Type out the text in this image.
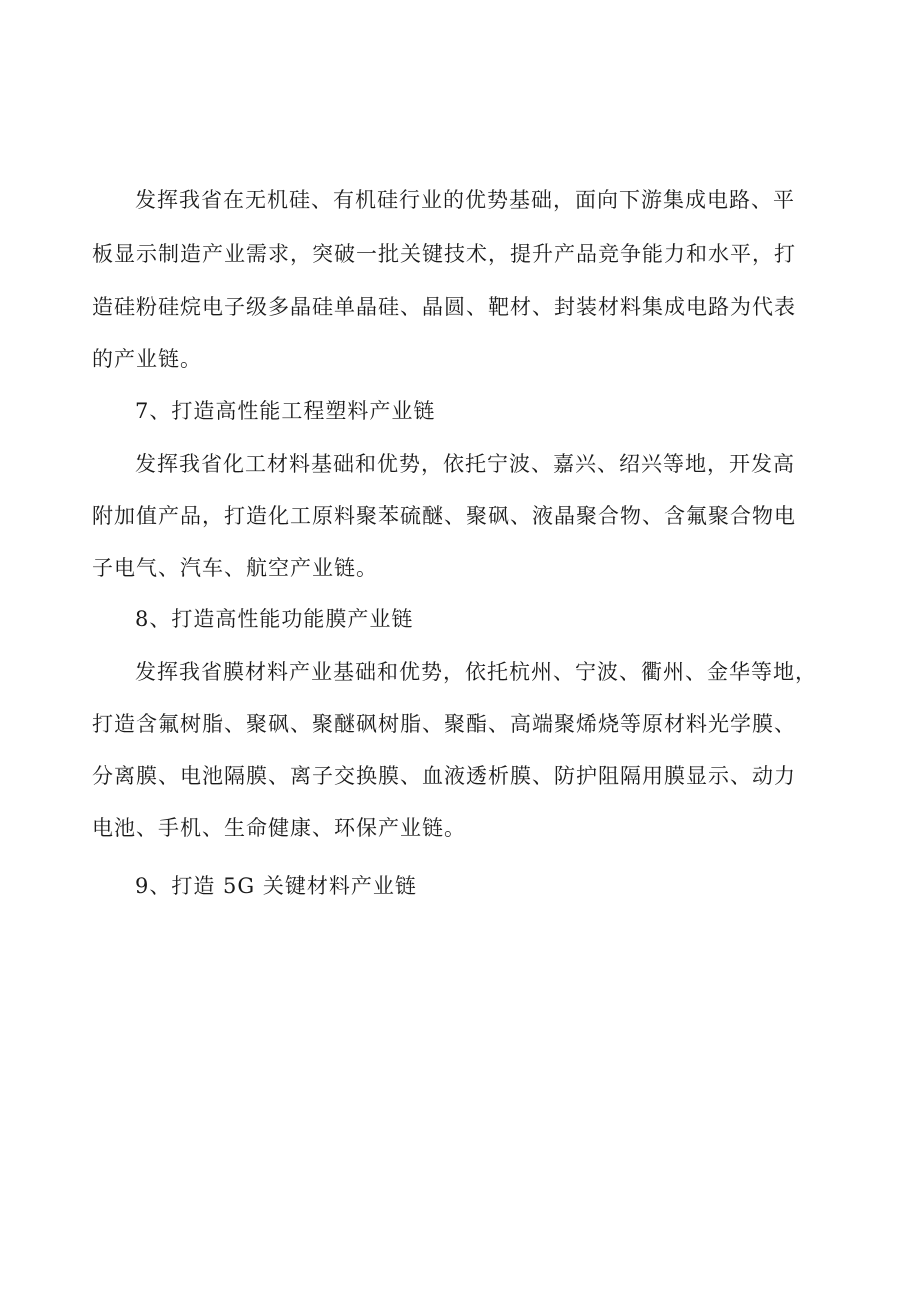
发挥我省在无机硅、有机硅行业的优势基础，面向下游集成电路、平
板显示制造产业需求，突破一批关键技术，提升产品竞争能力和水平，打
造硅粉硅烷电子级多晶硅单晶硅、晶圆、靶材、封装材料集成电路为代表
的产业链。
7、打造高性能工程塑料产业链
发挥我省化工材料基础和优势，依托宁波、嘉兴、绍兴等地，开发高
附加值产品，打造化工原料聚苯硫醚、聚砜、液晶聚合物、含氟聚合物电
子电气、汽车、航空产业链。
8、打造高性能功能膜产业链
发挥我省膜材料产业基础和优势，依托杭州、宁波、衢州、金华等地，
打造含氟树脂、聚砜、聚醚砜树脂、聚酯、高端聚烯烧等原材料光学膜、
分离膜、电池隔膜、离子交换膜、血液透析膜、防护阻隔用膜显示、动力
电池、手机、生命健康、环保产业链。
9、打造 5G 关键材料产业链
